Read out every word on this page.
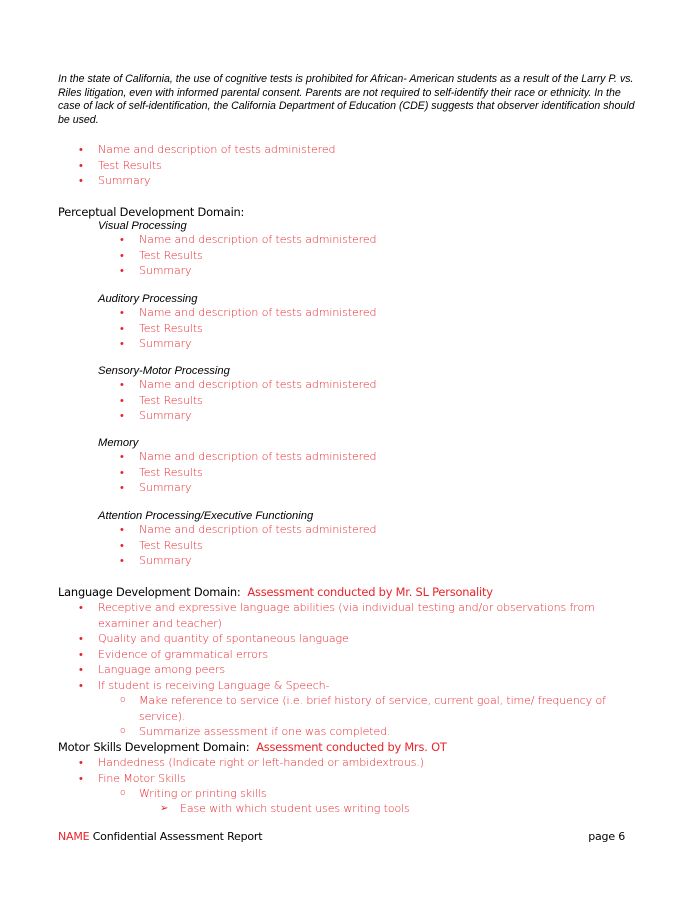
In the state of California, the use of cognitive tests is prohibited for African- American students as a result of the Larry P. vs. Riles litigation, even with informed parental consent. Parents are not required to self-identify their race or ethnicity. In the case of lack of self-identification, the California Department of Education (CDE) suggests that observer identification should be used.

• Name and description of tests administered
• Test Results
• Summary
Perceptual Development Domain:
Visual Processing
• Name and description of tests administered
• Test Results
• Summary
Auditory Processing
• Name and description of tests administered
• Test Results
• Summary
Sensory-Motor Processing
• Name and description of tests administered
• Test Results
• Summary
Memory
• Name and description of tests administered
• Test Results
• Summary
Attention Processing/Executive Functioning
• Name and description of tests administered
• Test Results
• Summary
Language Development Domain: Assessment conducted by Mr. SL Personality
• Receptive and expressive language abilities (via individual testing and/or observations from examiner and teacher)
• Quality and quantity of spontaneous language
• Evidence of grammatical errors
• Language among peers
• If student is receiving Language & Speech-
o Make reference to service (i.e. brief history of service, current goal, time/ frequency of service).
o Summarize assessment if one was completed.
Motor Skills Development Domain: Assessment conducted by Mrs. OT
• Handedness (Indicate right or left-handed or ambidextrous.)
• Fine Motor Skills
o Writing or printing skills
➢ Ease with which student uses writing tools
NAME Confidential Assessment Report	page 6
